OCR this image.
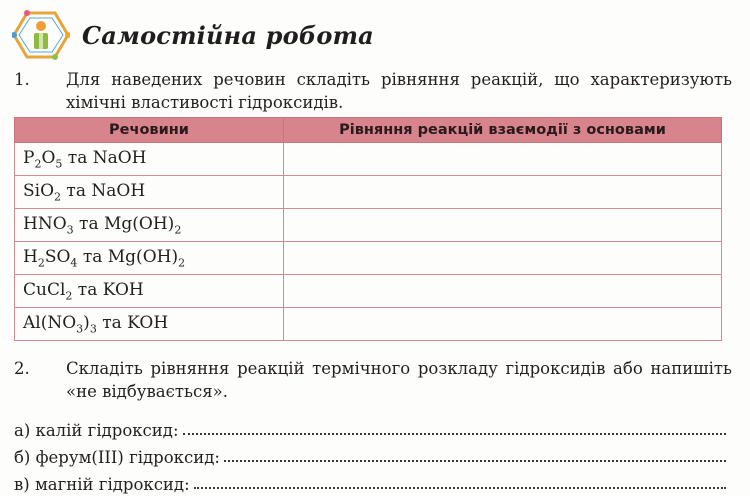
Самостійна робота
1.	Для наведених речовин складіть рівняння реакцій, що характеризують хімічні властивості гідроксидів.
Речовини	Рівняння реакцій взаємодії з основами
$P_2O_5$ та NaOH	
SiO$_2$ та NaOH	
$HNO_3$ та $Mg(OH)_2$	
$H_2SO_4$ та $Mg(OH)_2$	
CuCl$_2$ та KOH	
$Al(NO_3)_3$ та KOH	
2.	Складіть рівняння реакцій термічного розкладу гідроксидів або напишіть «не відбувається».
а) калій гідроксид:
б) ферум(III) гідроксид:
в) магній гідроксид:
